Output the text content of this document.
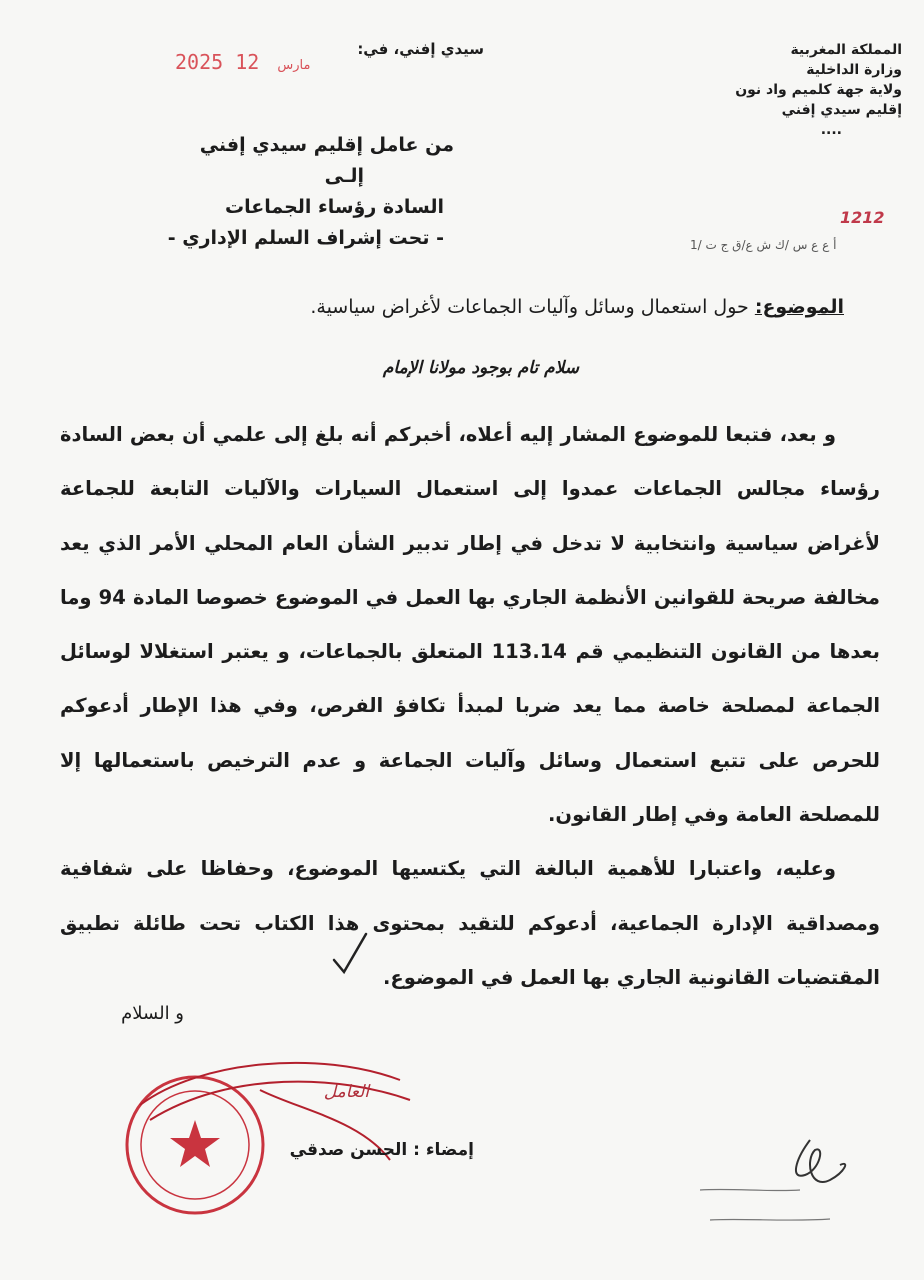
المملكة المغربية
وزارة الداخلية
ولاية جهة كلميم واد نون
إقليم سيدي إفني
....
سيدي إفني، في:
2025	مارس 12
من عامل إقليم سيدي إفني
إلـى
السادة رؤساء الجماعات
- تحت إشراف السلم الإداري -
1212
أ ع ع س /ك ش ع/ق ج ت /1
الموضوع: حول استعمال وسائل وآليات الجماعات لأغراض سياسية.
سلام تام بوجود مولانا الإمام

و بعد، فتبعا للموضوع المشار إليه أعلاه، أخبركم أنه بلغ إلى علمي أن بعض السادة رؤساء مجالس الجماعات عمدوا إلى استعمال السيارات والآليات التابعة للجماعة لأغراض سياسية وانتخابية لا تدخل في إطار تدبير الشأن العام المحلي الأمر الذي يعد مخالفة صريحة للقوانين الأنظمة الجاري بها العمل في الموضوع خصوصا المادة 94 وما بعدها من القانون التنظيمي قم 113.14 المتعلق بالجماعات، و يعتبر استغلالا لوسائل الجماعة لمصلحة خاصة مما يعد ضربا لمبدأ تكافؤ الفرص، وفي هذا الإطار أدعوكم للحرص على تتبع استعمال وسائل وآليات الجماعة و عدم الترخيص باستعمالها إلا للمصلحة العامة وفي إطار القانون.

وعليه، واعتبارا للأهمية البالغة التي يكتسيها الموضوع، وحفاظا على شفافية ومصداقية الإدارة الجماعية، أدعوكم للتقيد بمحتوى هذا الكتاب تحت طائلة تطبيق المقتضيات القانونية الجاري بها العمل في الموضوع.

و السلام
العامل
إمضاء : الحسن صدقي
